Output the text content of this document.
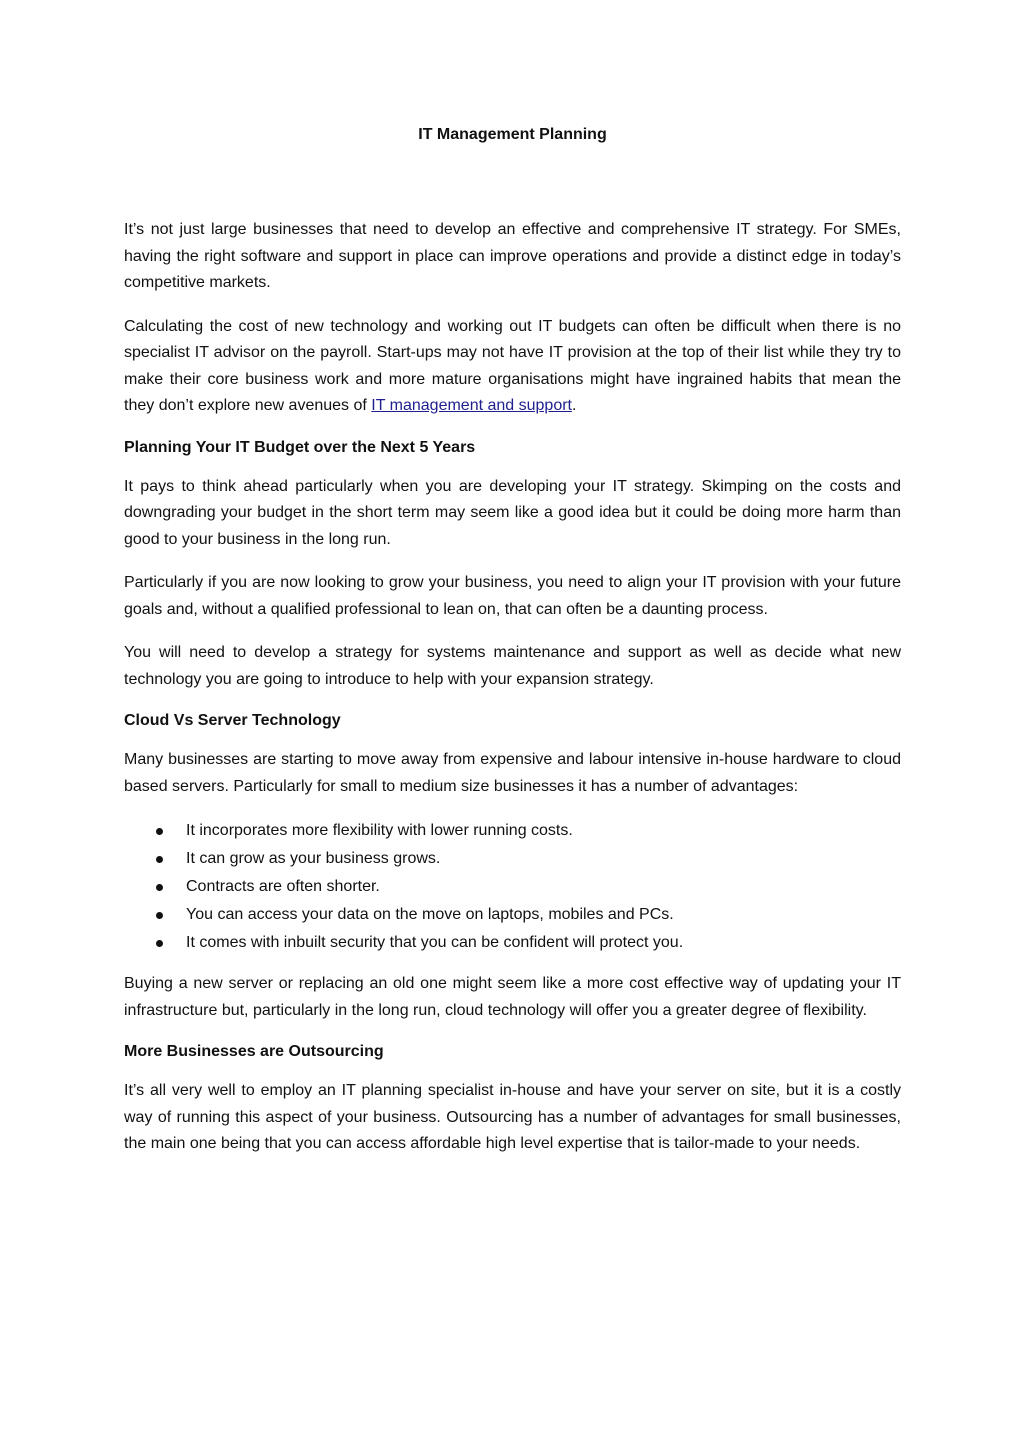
IT Management Planning

It’s not just large businesses that need to develop an effective and comprehensive IT strategy. For SMEs, having the right software and support in place can improve operations and provide a distinct edge in today’s competitive markets.

Calculating the cost of new technology and working out IT budgets can often be difficult when there is no specialist IT advisor on the payroll. Start-ups may not have IT provision at the top of their list while they try to make their core business work and more mature organisations might have ingrained habits that mean the they don’t explore new avenues of IT management and support.

Planning Your IT Budget over the Next 5 Years

It pays to think ahead particularly when you are developing your IT strategy. Skimping on the costs and downgrading your budget in the short term may seem like a good idea but it could be doing more harm than good to your business in the long run.

Particularly if you are now looking to grow your business, you need to align your IT provision with your future goals and, without a qualified professional to lean on, that can often be a daunting process.

You will need to develop a strategy for systems maintenance and support as well as decide what new technology you are going to introduce to help with your expansion strategy.

Cloud Vs Server Technology

Many businesses are starting to move away from expensive and labour intensive in-house hardware to cloud based servers. Particularly for small to medium size businesses it has a number of advantages:

It incorporates more flexibility with lower running costs.
It can grow as your business grows.
Contracts are often shorter.
You can access your data on the move on laptops, mobiles and PCs.
It comes with inbuilt security that you can be confident will protect you.

Buying a new server or replacing an old one might seem like a more cost effective way of updating your IT infrastructure but, particularly in the long run, cloud technology will offer you a greater degree of flexibility.

More Businesses are Outsourcing

It’s all very well to employ an IT planning specialist in-house and have your server on site, but it is a costly way of running this aspect of your business. Outsourcing has a number of advantages for small businesses, the main one being that you can access affordable high level expertise that is tailor-made to your needs.
